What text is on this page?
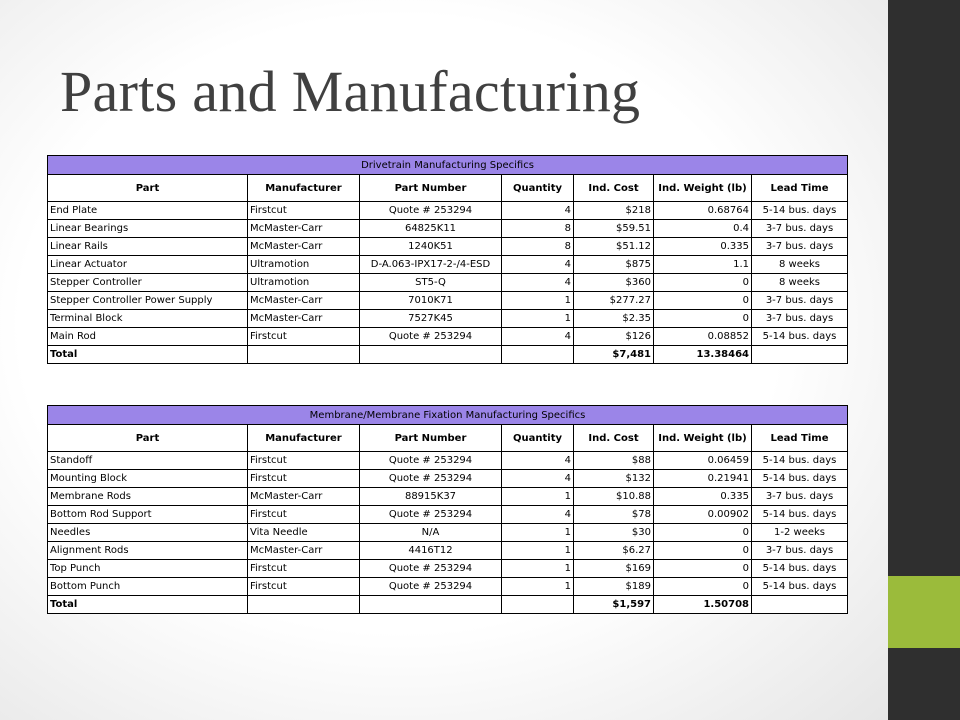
Parts and Manufacturing
Drivetrain Manufacturing Specifics						
Part	Manufacturer	Part Number	Quantity	Ind. Cost	Ind. Weight (lb)	Lead Time
End Plate	Firstcut	Quote # 253294	4	$218	0.68764	5-14 bus. days
Linear Bearings	McMaster-Carr	64825K11	8	$59.51	0.4	3-7 bus. days
Linear Rails	McMaster-Carr	1240K51	8	$51.12	0.335	3-7 bus. days
Linear Actuator	Ultramotion	D-A.063-IPX17-2-/4-ESD	4	$875	1.1	8 weeks
Stepper Controller	Ultramotion	ST5-Q	4	$360	0	8 weeks
Stepper Controller Power Supply	McMaster-Carr	7010K71	1	$277.27	0	3-7 bus. days
Terminal Block	McMaster-Carr	7527K45	1	$2.35	0	3-7 bus. days
Main Rod	Firstcut	Quote # 253294	4	$126	0.08852	5-14 bus. days
Total				$7,481	13.38464	
Membrane/Membrane Fixation Manufacturing Specifics						
Part	Manufacturer	Part Number	Quantity	Ind. Cost	Ind. Weight (lb)	Lead Time
Standoff	Firstcut	Quote # 253294	4	$88	0.06459	5-14 bus. days
Mounting Block	Firstcut	Quote # 253294	4	$132	0.21941	5-14 bus. days
Membrane Rods	McMaster-Carr	88915K37	1	$10.88	0.335	3-7 bus. days
Bottom Rod Support	Firstcut	Quote # 253294	4	$78	0.00902	5-14 bus. days
Needles	Vita Needle	N/A	1	$30	0	1-2 weeks
Alignment Rods	McMaster-Carr	4416T12	1	$6.27	0	3-7 bus. days
Top Punch	Firstcut	Quote # 253294	1	$169	0	5-14 bus. days
Bottom Punch	Firstcut	Quote # 253294	1	$189	0	5-14 bus. days
Total				$1,597	1.50708	
